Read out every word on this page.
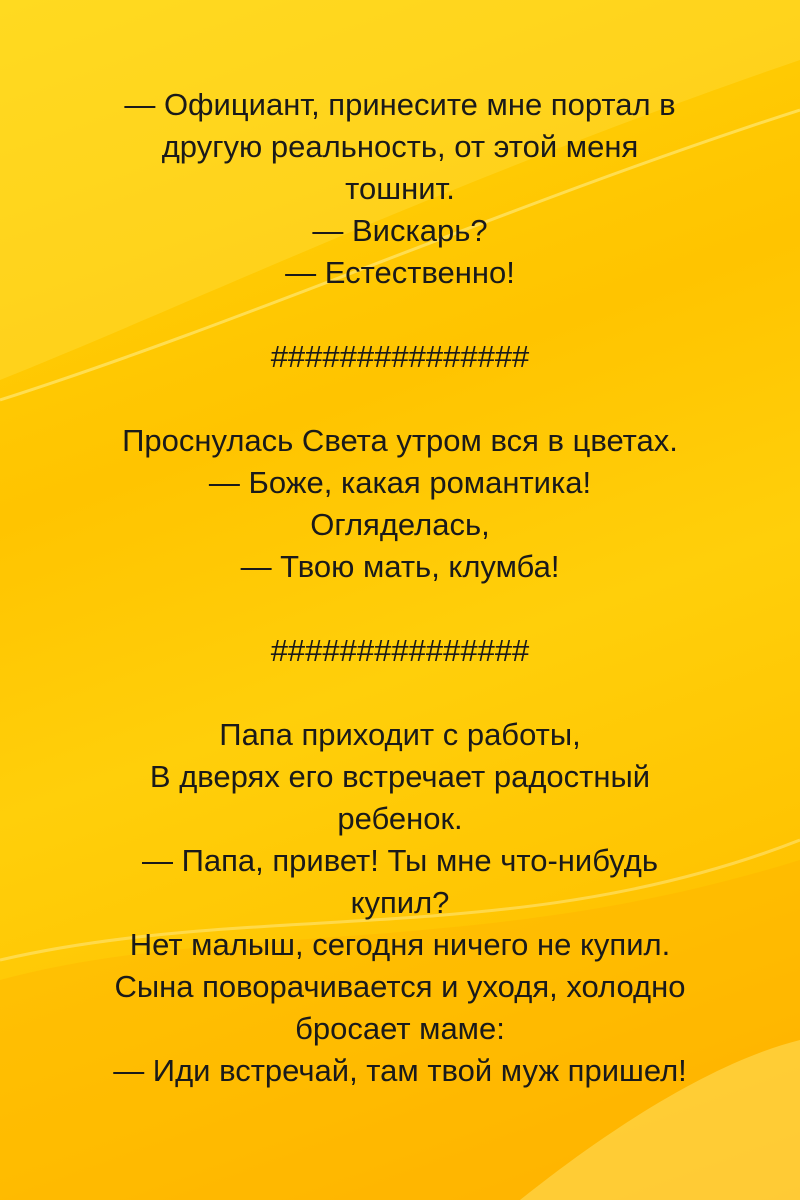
— Официант, принесите мне портал в
другую реальность, от этой меня
тошнит.
— Вискарь?
— Естественно!
###############
Проснулась Света утром вся в цветах.
— Боже, какая романтика!
Огляделась,
— Твою мать, клумба!
###############
Папа приходит с работы,
В дверях его встречает радостный
ребенок.
— Папа, привет! Ты мне что-нибудь
купил?
Нет малыш, сегодня ничего не купил.
Сына поворачивается и уходя, холодно
бросает маме:
— Иди встречай, там твой муж пришел!
